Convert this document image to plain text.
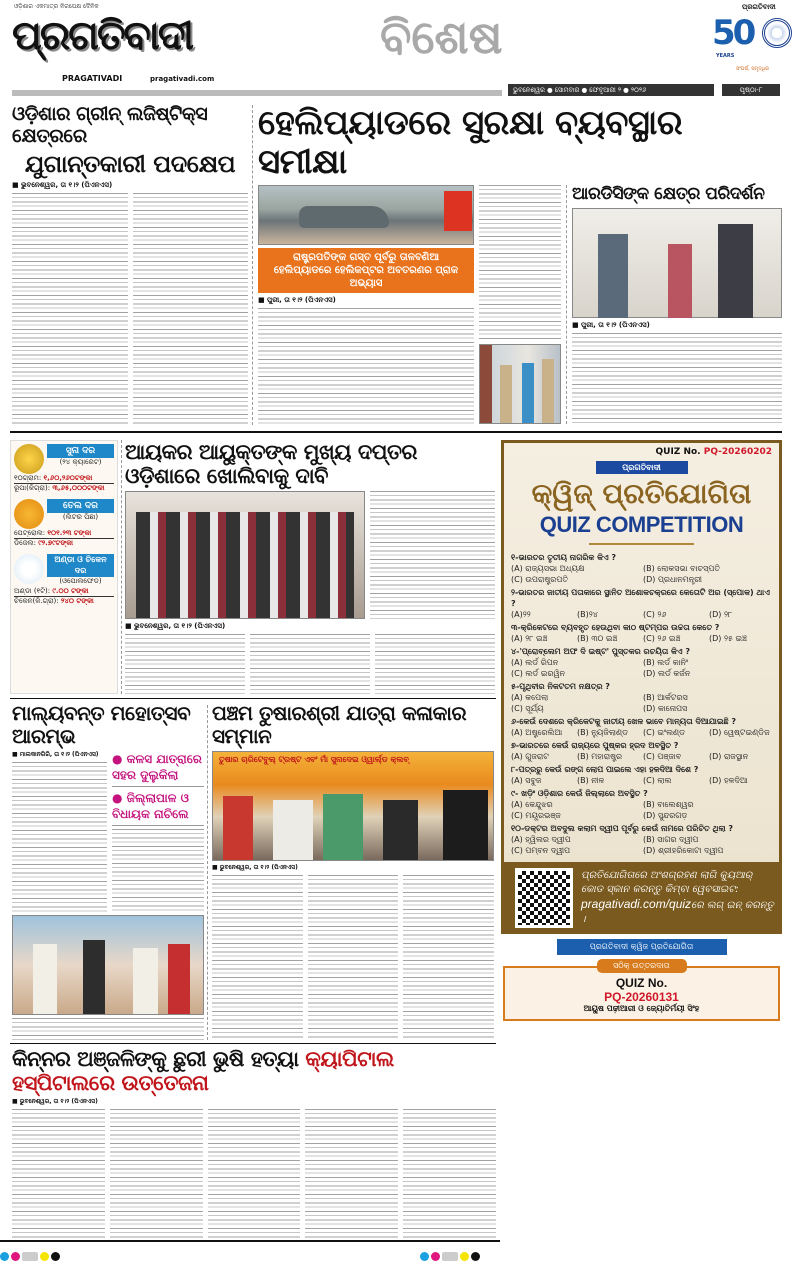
ଓଡ଼ିଶାର ଏକମାତ୍ର ନିରପେକ୍ଷ ଦୈନିକ
ପ୍ରଗତିବାଦୀ
PRAGATIVADI	pragativadi.com
ବିଶେଷ
ପ୍ରଗତିବାଦୀ
50
YEARS
ସଂଘର୍ଷ, ସମୃଦ୍ଧିର
ଭୁବନେଶ୍ୱର ● ସୋମବାର ● ଫେବୃଆରୀ ୨ ● ୨୦୨୬	ପୃଷ୍ଠା-୮
ଓଡ଼ିଶାର ଗ୍ରୀନ୍ ଲଜିଷ୍ଟିକ୍ସ କ୍ଷେତ୍ରରେ
ଯୁଗାନ୍ତକାରୀ ପଦକ୍ଷେପ
■ ଭୁବନେଶ୍ୱର, ତା ୧।୨ (ପିଏନଏସ)
ହେଲିପ୍ୟାଡରେ ସୁରକ୍ଷା ବ୍ୟବସ୍ଥାର ସମୀକ୍ଷା
ରାଷ୍ଟ୍ରପତିଙ୍କ ଗସ୍ତ ପୂର୍ବରୁ ତାଳବଣିଆ ହେଲିପ୍ୟାଡରେ ହେଲିକପ୍ଟର ଅବତରଣର ପ୍ରାକ ଅଭ୍ୟାସ
■ ପୁରୀ, ତା ୧।୨ (ପିଏନଏସ)
ଆରଡିସିଙ୍କ କ୍ଷେତ୍ର ପରିଦର୍ଶନ
■ ପୁରୀ, ତା ୧।୨ (ପିଏନଏସ)
ସୁନା ଦର
(୨୪ କ୍ୟାରେଟ)
୧୦ଗ୍ରାମ: ୧,୬୦,୨୬୦ଟଙ୍କା
ରୂପା(କିଗ୍ରା): ୩,୬୫,୦୦୦ଟଙ୍କା
ତେଲ ଦର
(ଲିଟର ପିଛା)
ପେଟ୍ରୋଲ: ୧୦୧.୨୩ ଟଙ୍କା
ଡିଜେଲ: ୯୨.୭୯ଟଙ୍କା
ଅଣ୍ଡା ଓ ଚିକେନ ଦର
(ଓପୋଲଫେଡ)
ଅଣ୍ଡା (୧ଟି): ୯.୦୦ ଟଙ୍କା
ଚିକେନ(କି.ଗ୍ରା): ୨୪୦ ଟଙ୍କା
ଆୟକର ଆୟୁକ୍ତଙ୍କ ମୁଖ୍ୟ ଦପ୍ତର ଓଡ଼ିଶାରେ ଖୋଲିବାକୁ ଦାବି
■ ଭୁବନେଶ୍ୱର, ତା ୧।୨ (ପିଏନଏସ)
ମାଲ୍ୟବନ୍ତ ମହୋତ୍ସବ ଆରମ୍ଭ
■ ମାଲକାନଗିରି, ତା ୧।୨ (ପିଏନଏସ)	● କଳସ ଯାତ୍ରାରେ ସହର ଦୁଲୁକିଲା
● ଜିଲ୍ଲାପାଳ ଓ ବିଧାୟକ ନାଚିଲେ
ପଞ୍ଚମ ତୁଷାରଶ୍ରୀ ଯାତ୍ରା କଳାକାର ସମ୍ମାନ
ତୁଷାର ଚାରିଟେବୁଲ୍ ଟ୍ରଷ୍ଟ ଏବଂ ମାଁ ସୁନାଦେଇ ଓ୍ୱାର୍ଲ୍ଡ କ୍ଲବ୍
■ ଭୁବନେଶ୍ୱର, ତା ୧।୨ (ପିଏନଏସ)
କିନ୍ନର ଅଞ୍ଜଳିଙ୍କୁ ଛୁରୀ ଭୁଷି ହତ୍ୟା କ୍ୟାପିଟାଲ ହସ୍ପିଟାଲରେ ଉତ୍ତେଜନା
■ ଭୁବନେଶ୍ୱର, ତା ୧।୨ (ପିଏନଏସ)
QUIZ No. PQ-20260202
ପ୍ରଗତିବାଦୀ
କ୍ୱିଜ୍ ପ୍ରତିଯୋଗିତା
QUIZ COMPETITION
୧-ଭାରତର ତୃତୀୟ ନାଗରିକ କିଏ ?
(A) ରାଜ୍ୟସଭା ଅଧ୍ୟକ୍ଷ	(B) ଲୋକସଭା ବାଚସ୍ପତି
(C) ଉପରାଷ୍ଟ୍ରପତି	(D) ପ୍ରଧାନମନ୍ତ୍ରୀ
୨-ଭାରତର ଜାତୀୟ ପତାକାରେ ସ୍ଥାନିତ ଅଶୋକଚକ୍ରରେ କେତୋଟି ଅର (ସ୍ପୋକ) ଥାଏ ?
(A)୨୨	(B)୨୪	(C) ୨୬	(D) ୨୮
୩-କ୍ରିକେଟରେ ବ୍ୟବହୃତ ହେଉଥିବା କାଠ ଷ୍ଟମ୍ପର ଉଚ୍ଚତା କେତେ ?
(A) ୨୮ ଇଞ୍ଚ	(B) ୩୦ ଇଞ୍ଚ	(C) ୨୬ ଇଞ୍ଚ	(D) ୨୫ ଇଞ୍ଚ
୪-'ପ୍ରୋବ୍ଲେମ ଅଫ ଦି ଇଷ୍ଟ' ପୁସ୍ତକର ରଚୟିତା କିଏ ?
(A) ଲର୍ଡ ରିପନ	(B) ଲର୍ଡ କାନିଂ
(C) ଲର୍ଡ ଇରୱିନ	(D) ଲର୍ଡ କର୍ଜନ
୫-ପୃଥିବୀର ନିକଟତମ ନକ୍ଷତ୍ର ?
(A) କପେଲା	(B) ଆର୍କଟରସ
(C) ସୂର୍ଯ୍ୟ	(D) କାନୋପସ
୬-କେଉଁ ଦେଶରେ କ୍ରିକେଟକୁ ଜାତୀୟ ଖେଳ ଭାବେ ମାନ୍ୟତା ଦିଆଯାଇଛି ?
(A) ଅଷ୍ଟ୍ରେଲିଆ	(B) ନ୍ୟୁଜିଲାଣ୍ଡ	(C) ଇଂଲଣ୍ଡ	(D) ୱେଷ୍ଟଇଣ୍ଡିଜ
୭-ଭାରତରେ କେଉଁ ରାଜ୍ୟରେ ପୁଷ୍କର ହ୍ରଦ ଅବସ୍ଥିତ ?
(A) ଗୁଜରାଟ	(B) ମହାରାଷ୍ଟ୍ର	(C) ପଞ୍ଜାବ	(D) ରାଜସ୍ଥାନ
୮-ପତ୍ରରୁ କେଉଁ ରଙ୍ଗ ଲୋପ ପାଇଲେ ଏହା ହଳଦିଆ ଦିଶେ ?
(A) ସବୁଜ	(B) ନୀଳ	(C) ଲାଲ	(D) ହଳଦିଆ
୯- ଖଡ଼ିଂ ଓଡ଼ିଶାର କେଉଁ ଜିଲ୍ଲାରେ ଅବସ୍ଥିତ ?
(A) କେନ୍ଦୁଝର	(B) ବାଲେଶ୍ୱର
(C) ମୟୂରଭଞ୍ଜ	(D) ସୁନ୍ଦରଗଡ଼
୧୦-ଡକ୍ଟର ଅବଦୁଲ କଲାମ ଦ୍ୱୀପ ପୂର୍ବରୁ କେଉଁ ନାମରେ ପରିଚିତ ଥିଲା ?
(A) ହ୍ୱିଲର ଦ୍ୱୀପ	(B) ସାଗର ଦ୍ୱୀପ
(C) ପମ୍ବନ ଦ୍ୱୀପ	(D) ଶ୍ରୀହରିକୋଟା ଦ୍ୱୀପ
ପ୍ରତିଯୋଗିତାରେ ଅଂଶଗ୍ରହଣ ଲାଗି କ୍ୟୁଆର୍ କୋଡ ସ୍କାନ କରନ୍ତୁ କିମ୍ବା ୱେବସାଇଟ: pragativadi.com/quizରେ ଲଗ୍ ଇନ୍ କରନ୍ତୁ ।
ପ୍ରଗତିବାଦୀ କ୍ୱିଜ ପ୍ରତିଯୋଗିତା
ସଠିକ୍ ଉତ୍ତରଦାତା
QUIZ No.
PQ-20260131
ଆୟୁଷ ପଢ଼ୀଆରୀ ଓ ଜ୍ୟୋତିର୍ମୟୀ ସିଂହ
